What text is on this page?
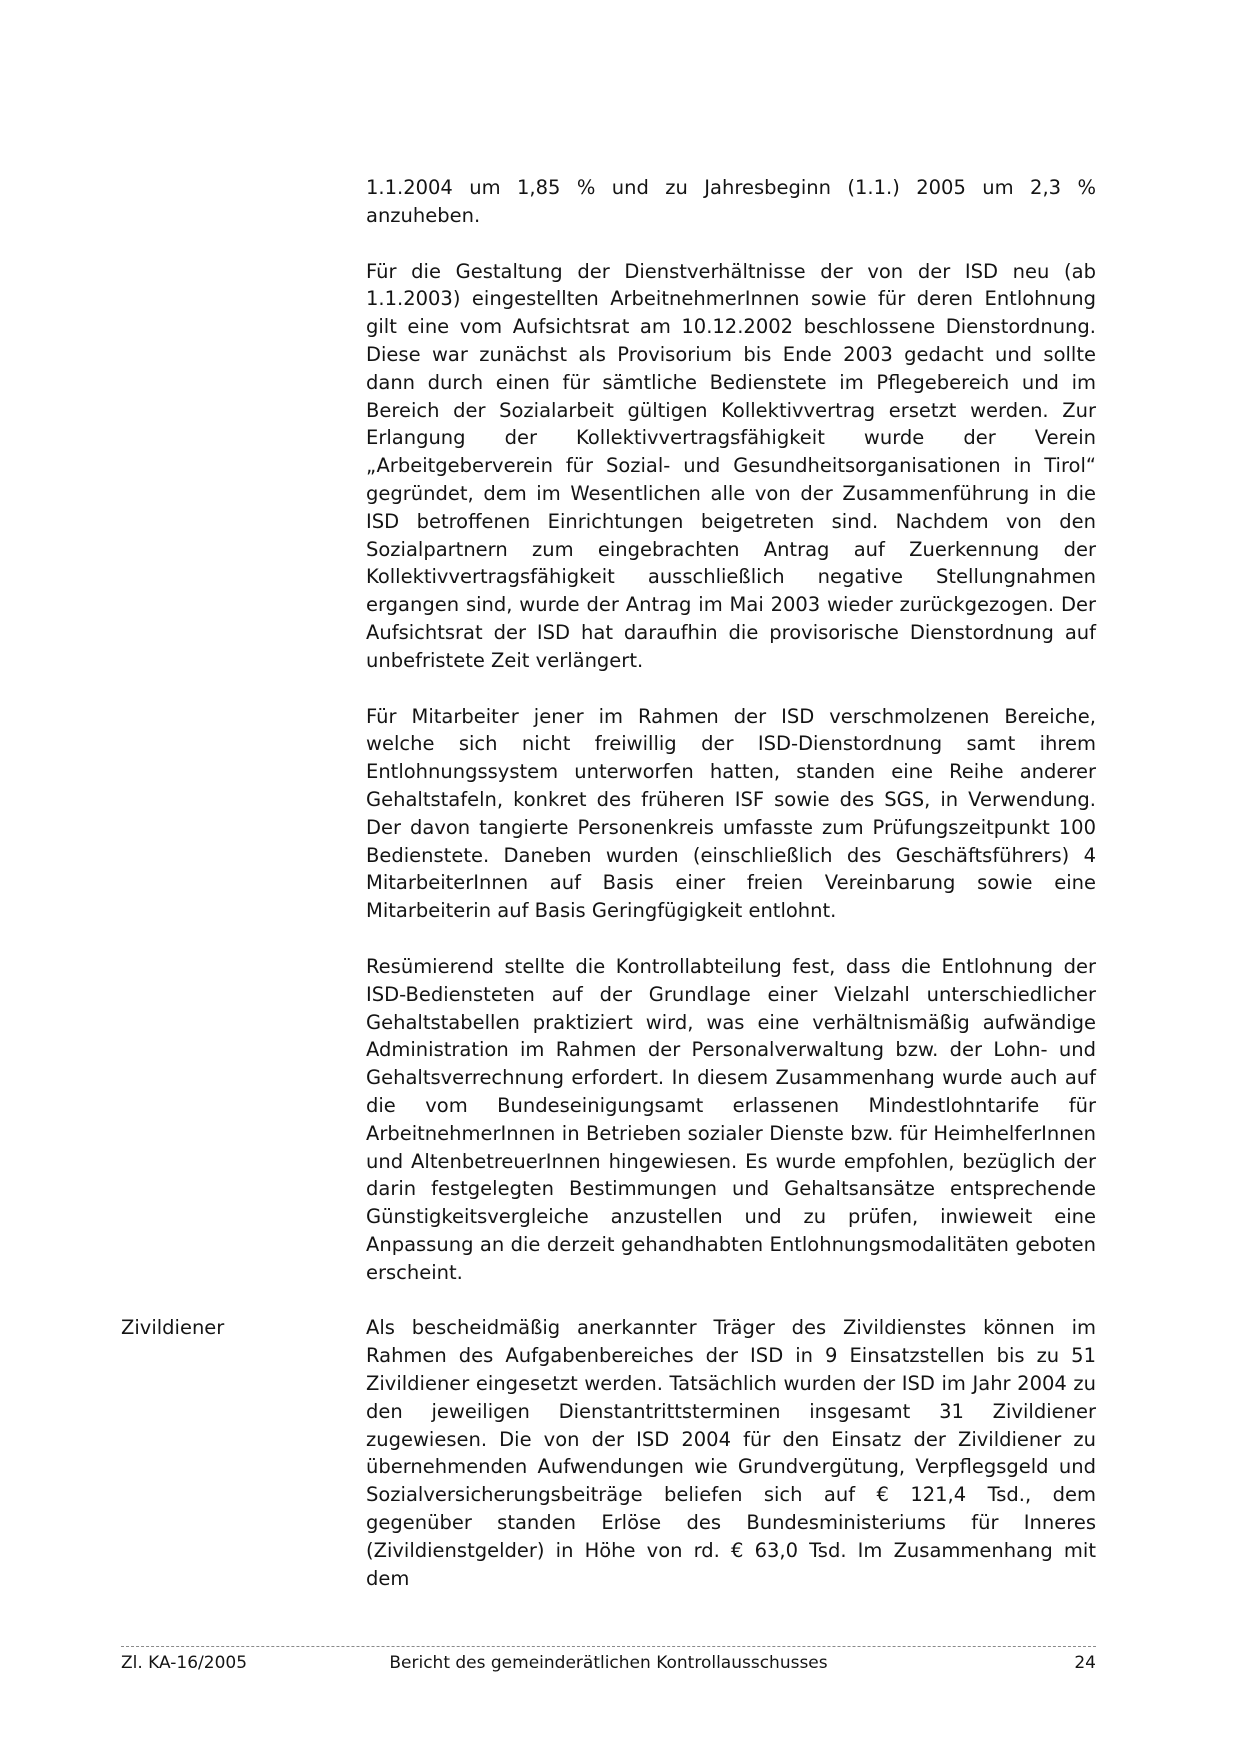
1.1.2004 um 1,85 % und zu Jahresbeginn (1.1.) 2005 um 2,3 % anzuheben.

Für die Gestaltung der Dienstverhältnisse der von der ISD neu (ab 1.1.2003) eingestellten ArbeitnehmerInnen sowie für deren Entlohnung gilt eine vom Aufsichtsrat am 10.12.2002 beschlossene Dienstordnung. Diese war zunächst als Provisorium bis Ende 2003 gedacht und sollte dann durch einen für sämtliche Bedienstete im Pflegebereich und im Bereich der Sozialarbeit gültigen Kollektivvertrag ersetzt werden. Zur Erlangung der Kollektivvertragsfähigkeit wurde der Verein „Arbeitgeberverein für Sozial- und Gesundheitsorganisationen in Tirol“ gegründet, dem im Wesentlichen alle von der Zusammenführung in die ISD betroffenen Einrichtungen beigetreten sind. Nachdem von den Sozialpartnern zum eingebrachten Antrag auf Zuerkennung der Kollektivvertragsfähigkeit ausschließlich negative Stellungnahmen ergangen sind, wurde der Antrag im Mai 2003 wieder zurückgezogen. Der Aufsichtsrat der ISD hat daraufhin die provisorische Dienstordnung auf unbefristete Zeit verlängert.

Für Mitarbeiter jener im Rahmen der ISD verschmolzenen Bereiche, welche sich nicht freiwillig der ISD-Dienstordnung samt ihrem Entlohnungssystem unterworfen hatten, standen eine Reihe anderer Gehaltstafeln, konkret des früheren ISF sowie des SGS, in Verwendung. Der davon tangierte Personenkreis umfasste zum Prüfungszeitpunkt 100 Bedienstete. Daneben wurden (einschließlich des Geschäftsführers) 4 MitarbeiterInnen auf Basis einer freien Vereinbarung sowie eine Mitarbeiterin auf Basis Geringfügigkeit entlohnt.

Resümierend stellte die Kontrollabteilung fest, dass die Entlohnung der ISD-Bediensteten auf der Grundlage einer Vielzahl unterschiedlicher Gehaltstabellen praktiziert wird, was eine verhältnismäßig aufwändige Administration im Rahmen der Personalverwaltung bzw. der Lohn- und Gehaltsverrechnung erfordert. In diesem Zusammenhang wurde auch auf die vom Bundeseinigungsamt erlassenen Mindestlohntarife für ArbeitnehmerInnen in Betrieben sozialer Dienste bzw. für HeimhelferInnen und AltenbetreuerInnen hingewiesen. Es wurde empfohlen, bezüglich der darin festgelegten Bestimmungen und Gehaltsansätze entsprechende Günstigkeitsvergleiche anzustellen und zu prüfen, inwieweit eine Anpassung an die derzeit gehandhabten Entlohnungsmodalitäten geboten erscheint.

Als bescheidmäßig anerkannter Träger des Zivildienstes können im Rahmen des Aufgabenbereiches der ISD in 9 Einsatzstellen bis zu 51 Zivildiener eingesetzt werden. Tatsächlich wurden der ISD im Jahr 2004 zu den jeweiligen Dienstantrittsterminen insgesamt 31 Zivildiener zugewiesen. Die von der ISD 2004 für den Einsatz der Zivildiener zu übernehmenden Aufwendungen wie Grundvergütung, Verpflegsgeld und Sozialversicherungsbeiträge beliefen sich auf € 121,4 Tsd., dem gegenüber standen Erlöse des Bundesministeriums für Inneres (Zivildienstgelder) in Höhe von rd. € 63,0 Tsd. Im Zusammenhang mit dem

Zivildiener
Zl. KA-16/2005	Bericht des gemeinderätlichen Kontrollausschusses	24
